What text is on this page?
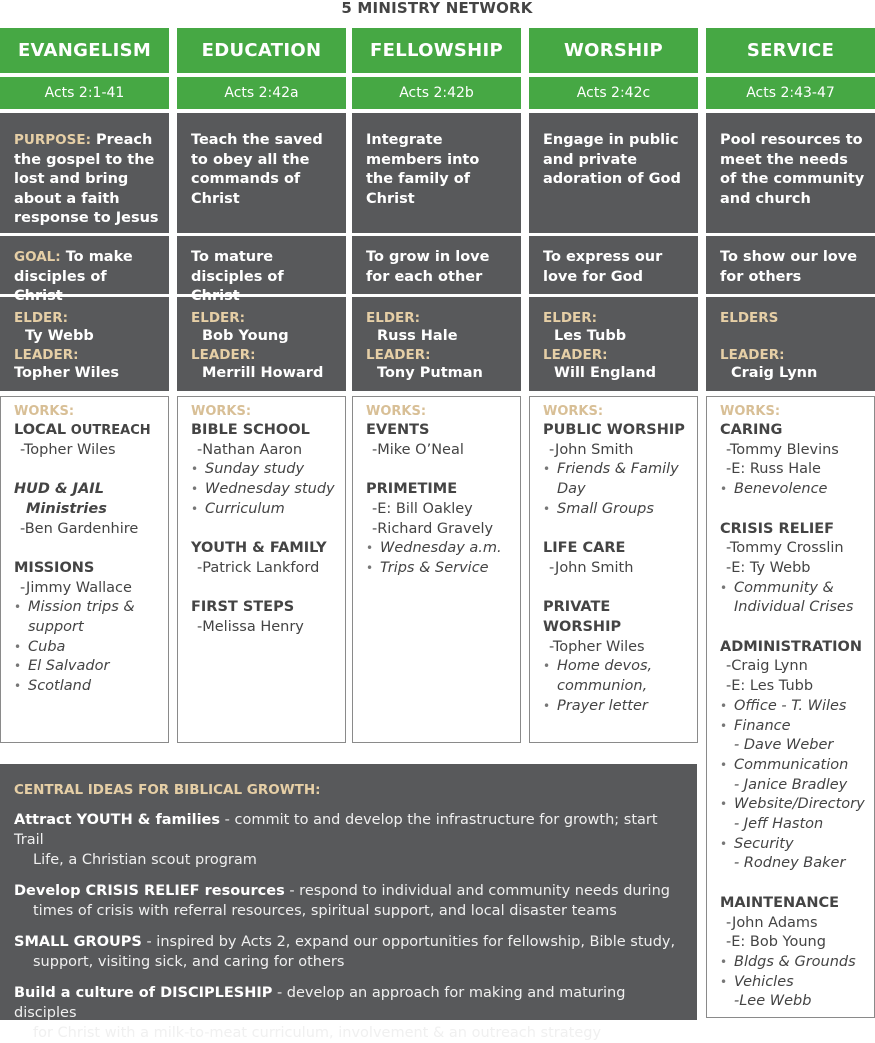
5 MINISTRY NETWORK
EVANGELISM
Acts 2:1-41
PURPOSE: Preach the gospel to the lost and bring about a faith response to Jesus
GOAL: To make disciples of Christ
ELDER:
Ty Webb
LEADER:
Topher Wiles
WORKS:
LOCAL OUTREACH
-Topher Wiles
HUD & JAIL
Ministries
-Ben Gardenhire
MISSIONS
-Jimmy Wallace
• Mission trips &
support
• Cuba
• El Salvador
• Scotland
EDUCATION
Acts 2:42a
Teach the saved to obey all the commands of Christ
To mature disciples of Christ
ELDER:
Bob Young
LEADER:
Merrill Howard
WORKS:
BIBLE SCHOOL
-Nathan Aaron
• Sunday study
• Wednesday study
• Curriculum
YOUTH & FAMILY
-Patrick Lankford
FIRST STEPS
-Melissa Henry
FELLOWSHIP
Acts 2:42b
Integrate members into the family of Christ
To grow in love for each other
ELDER:
Russ Hale
LEADER:
Tony Putman
WORKS:
EVENTS
-Mike O’Neal
PRIMETIME
-E: Bill Oakley
-Richard Gravely
• Wednesday a.m.
• Trips & Service
WORSHIP
Acts 2:42c
Engage in public and private adoration of God
To express our love for God
ELDER:
Les Tubb
LEADER:
Will England
WORKS:
PUBLIC WORSHIP
-John Smith
• Friends & Family
Day
• Small Groups
LIFE CARE
-John Smith
PRIVATE WORSHIP
-Topher Wiles
• Home devos,
communion,
• Prayer letter
SERVICE
Acts 2:43-47
Pool resources to meet the needs of the community and church
To show our love for others
ELDERS

LEADER:
Craig Lynn
WORKS:
CARING
-Tommy Blevins
-E: Russ Hale
• Benevolence
CRISIS RELIEF
-Tommy Crosslin
-E: Ty Webb
• Community &
Individual Crises
ADMINISTRATION
-Craig Lynn
-E: Les Tubb
• Office - T. Wiles
• Finance
- Dave Weber
• Communication
- Janice Bradley
• Website/Directory
- Jeff Haston
• Security
- Rodney Baker
MAINTENANCE
-John Adams
-E: Bob Young
• Bldgs & Grounds
• Vehicles
-Lee Webb
CENTRAL IDEAS FOR BIBLICAL GROWTH:
Attract YOUTH & families - commit to and develop the infrastructure for growth; start Trail
Life, a Christian scout program
Develop CRISIS RELIEF resources - respond to individual and community needs during
times of crisis with referral resources, spiritual support, and local disaster teams
SMALL GROUPS - inspired by Acts 2, expand our opportunities for fellowship, Bible study,
support, visiting sick, and caring for others
Build a culture of DISCIPLESHIP - develop an approach for making and maturing disciples
for Christ with a milk-to-meat curriculum, involvement & an outreach strategy
